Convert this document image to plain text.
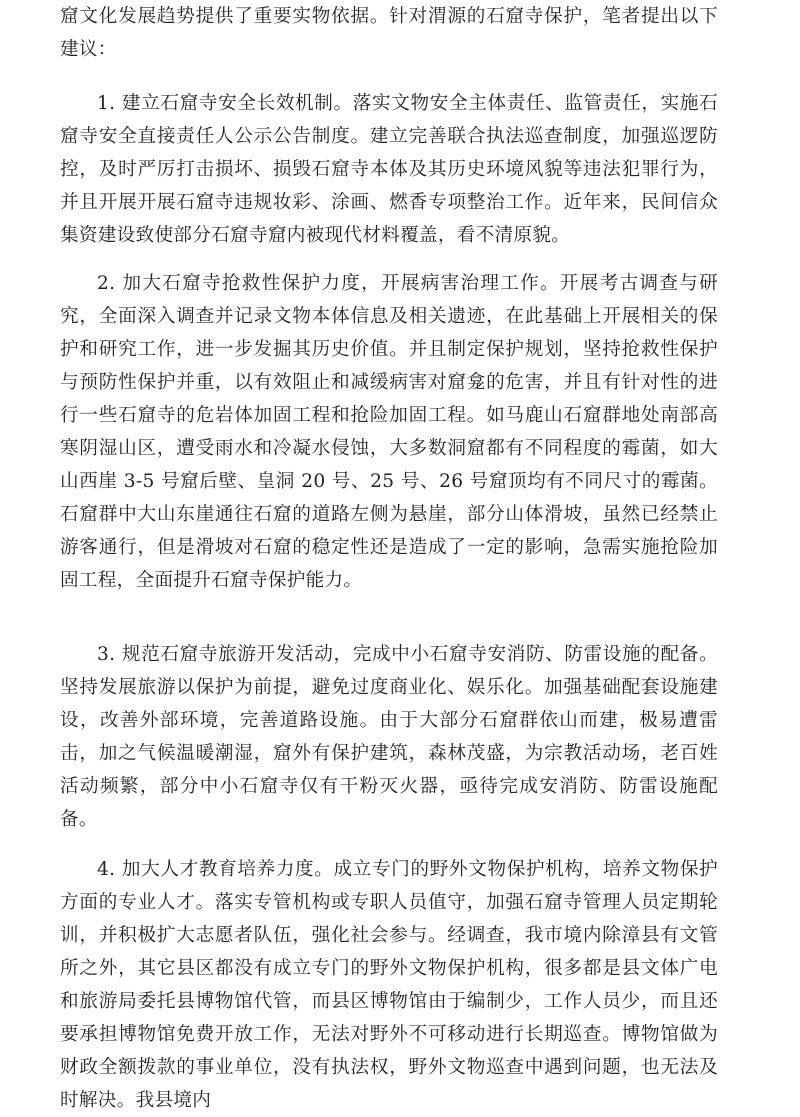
窟文化发展趋势提供了重要实物依据。针对渭源的石窟寺保护，笔者提出以下建议：

1. 建立石窟寺安全长效机制。落实文物安全主体责任、监管责任，实施石窟寺安全直接责任人公示公告制度。建立完善联合执法巡查制度，加强巡逻防控，及时严厉打击损坏、损毁石窟寺本体及其历史环境风貌等违法犯罪行为，并且开展开展石窟寺违规妆彩、涂画、燃香专项整治工作。近年来，民间信众集资建设致使部分石窟寺窟内被现代材料覆盖，看不清原貌。

2. 加大石窟寺抢救性保护力度，开展病害治理工作。开展考古调查与研究，全面深入调查并记录文物本体信息及相关遗迹，在此基础上开展相关的保护和研究工作，进一步发掘其历史价值。并且制定保护规划，坚持抢救性保护与预防性保护并重，以有效阻止和减缓病害对窟龛的危害，并且有针对性的进行一些石窟寺的危岩体加固工程和抢险加固工程。如马鹿山石窟群地处南部高寒阴湿山区，遭受雨水和冷凝水侵蚀，大多数洞窟都有不同程度的霉菌，如大山西崖 3-5 号窟后壁、皇洞 20 号、25 号、26 号窟顶均有不同尺寸的霉菌。石窟群中大山东崖通往石窟的道路左侧为悬崖，部分山体滑坡，虽然已经禁止游客通行，但是滑坡对石窟的稳定性还是造成了一定的影响，急需实施抢险加固工程，全面提升石窟寺保护能力。

3. 规范石窟寺旅游开发活动，完成中小石窟寺安消防、防雷设施的配备。坚持发展旅游以保护为前提，避免过度商业化、娱乐化。加强基础配套设施建设，改善外部环境，完善道路设施。由于大部分石窟群依山而建，极易遭雷击，加之气候温暖潮湿，窟外有保护建筑，森林茂盛，为宗教活动场，老百姓活动频繁，部分中小石窟寺仅有干粉灭火器，亟待完成安消防、防雷设施配备。

4. 加大人才教育培养力度。成立专门的野外文物保护机构，培养文物保护方面的专业人才。落实专管机构或专职人员值守，加强石窟寺管理人员定期轮训，并积极扩大志愿者队伍，强化社会参与。经调查，我市境内除漳县有文管所之外，其它县区都没有成立专门的野外文物保护机构，很多都是县文体广电和旅游局委托县博物馆代管，而县区博物馆由于编制少，工作人员少，而且还要承担博物馆免费开放工作，无法对野外不可移动进行长期巡查。博物馆做为财政全额拨款的事业单位，没有执法权，野外文物巡查中遇到问题，也无法及时解决。我县境内
